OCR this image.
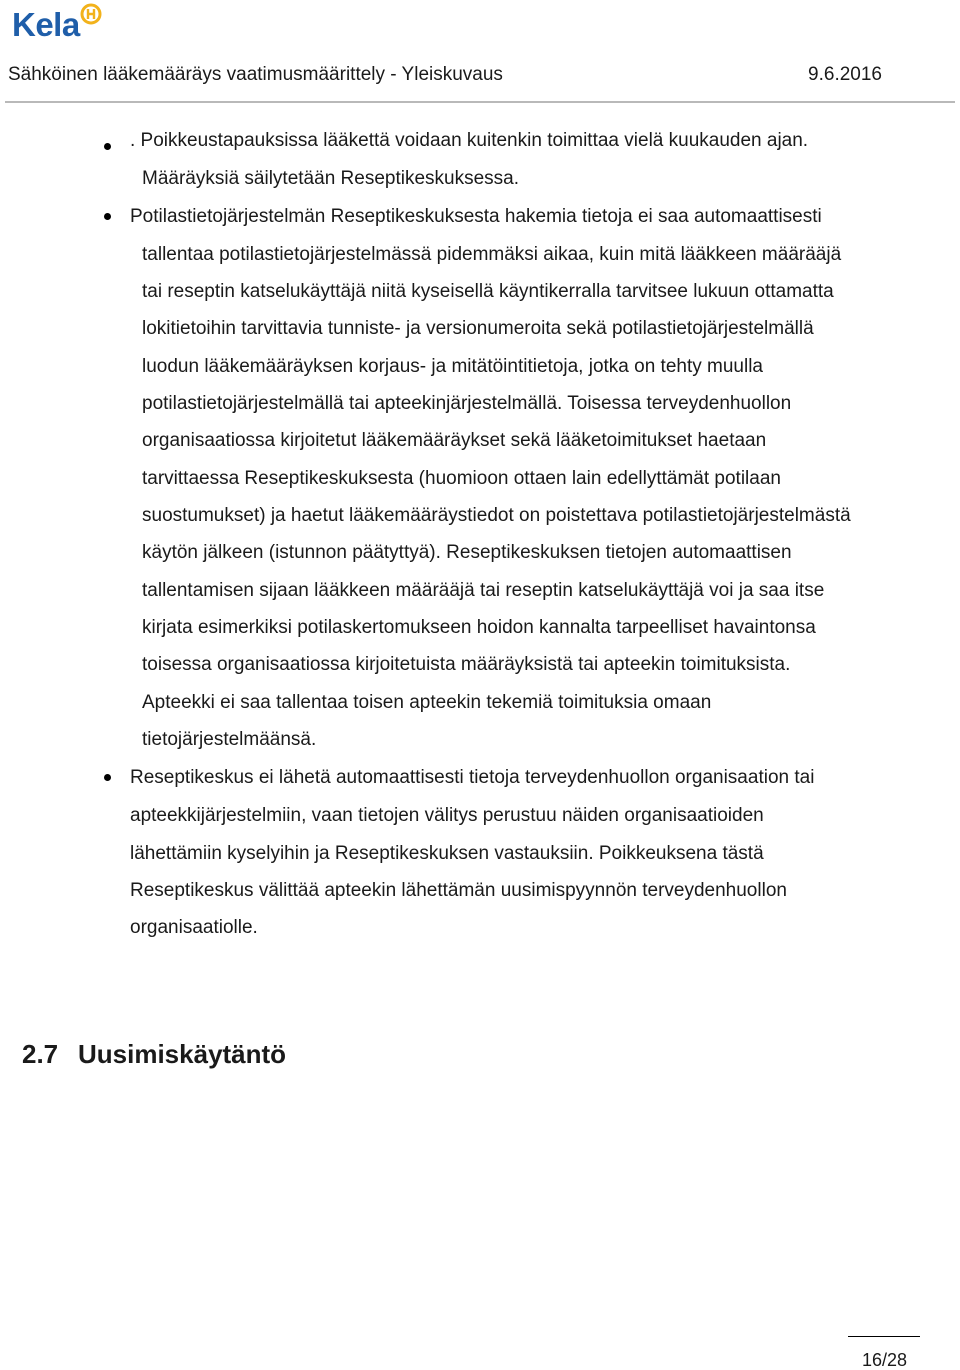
Kela
Sähköinen lääkemääräys vaatimusmäärittely - Yleiskuvaus	9.6.2016
. Poikkeustapauksissa lääkettä voidaan kuitenkin toimittaa vielä kuukauden ajan.
Määräyksiä säilytetään Reseptikeskuksessa.
Potilastietojärjestelmän Reseptikeskuksesta hakemia tietoja ei saa automaattisesti
tallentaa potilastietojärjestelmässä pidemmäksi aikaa, kuin mitä lääkkeen määrääjä
tai reseptin katselukäyttäjä niitä kyseisellä käyntikerralla tarvitsee lukuun ottamatta
lokitietoihin tarvittavia tunniste- ja versionumeroita sekä potilastietojärjestelmällä
luodun lääkemääräyksen korjaus- ja mitätöintitietoja, jotka on tehty muulla
potilastietojärjestelmällä tai apteekinjärjestelmällä. Toisessa terveydenhuollon
organisaatiossa kirjoitetut lääkemääräykset sekä lääketoimitukset haetaan
tarvittaessa Reseptikeskuksesta (huomioon ottaen lain edellyttämät potilaan
suostumukset) ja haetut lääkemääräystiedot on poistettava potilastietojärjestelmästä
käytön jälkeen (istunnon päätyttyä). Reseptikeskuksen tietojen automaattisen
tallentamisen sijaan lääkkeen määrääjä tai reseptin katselukäyttäjä voi ja saa itse
kirjata esimerkiksi potilaskertomukseen hoidon kannalta tarpeelliset havaintonsa
toisessa organisaatiossa kirjoitetuista määräyksistä tai apteekin toimituksista.
Apteekki ei saa tallentaa toisen apteekin tekemiä toimituksia omaan
tietojärjestelmäänsä.
Reseptikeskus ei lähetä automaattisesti tietoja terveydenhuollon organisaation tai
apteekkijärjestelmiin, vaan tietojen välitys perustuu näiden organisaatioiden
lähettämiin kyselyihin ja Reseptikeskuksen vastauksiin. Poikkeuksena tästä
Reseptikeskus välittää apteekin lähettämän uusimispyynnön terveydenhuollon
organisaatiolle.
2.7 Uusimiskäytäntö
16/28
